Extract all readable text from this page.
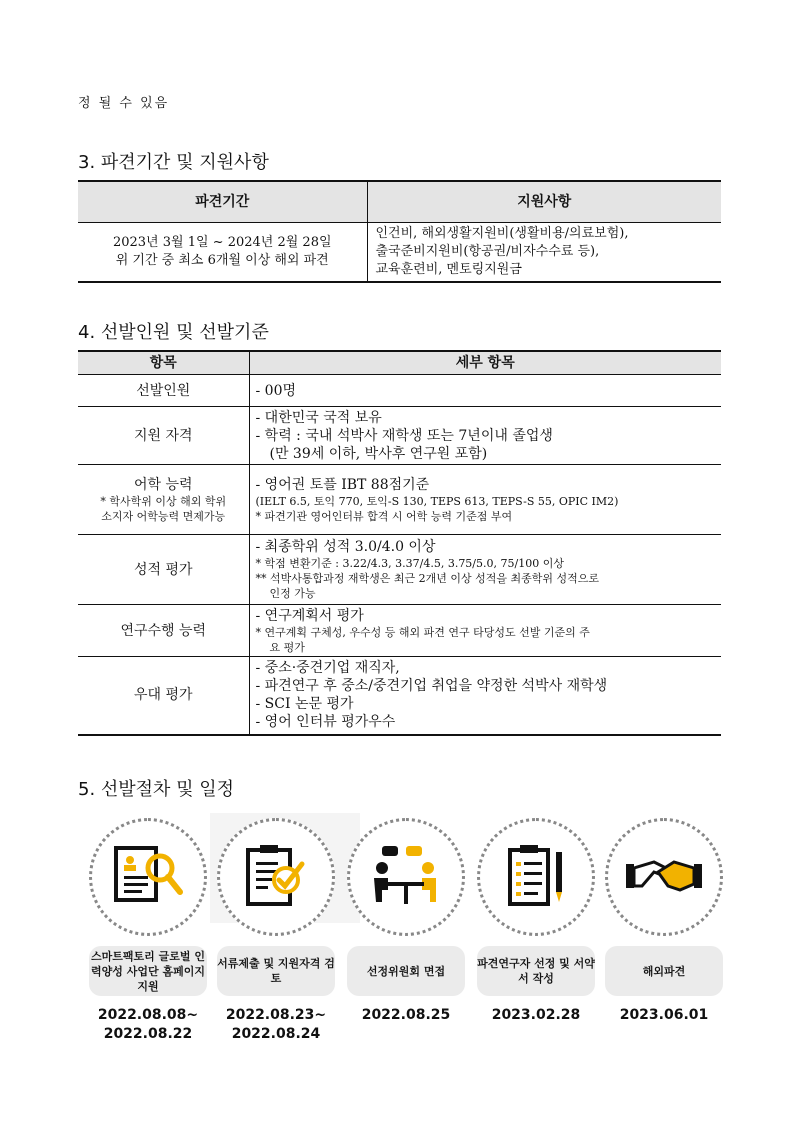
정 될 수 있음
3. 파견기간 및 지원사항
파견기간	지원사항

2023년 3월 1일 ~ 2024년 2월 28일
위 기간 중 최소 6개월 이상 해외 파견	인건비, 해외생활지원비(생활비용/의료보험),
출국준비지원비(항공권/비자수수료 등),
교육훈련비, 멘토링지원금
4. 선발인원 및 선발기준
항목	세부 항목
선발인원	- 00명

지원 자격	- 대한민국 국적 보유
- 학력 : 국내 석박사 재학생 또는 7년이내 졸업생
(만 39세 이하, 박사후 연구원 포함)

어학 능력
* 학사학위 이상 해외 학위소지자 어학능력 면제가능	- 영어권 토플 IBT 88점기준
(IELT 6.5, 토익 770, 토익-S 130, TEPS 613, TEPS-S 55, OPIC IM2)
* 파견기관 영어인터뷰 합격 시 어학 능력 기준점 부여

성적 평가	- 최종학위 성적 3.0/4.0 이상
* 학점 변환기준 : 3.22/4.3, 3.37/4.5, 3.75/5.0, 75/100 이상
** 석박사통합과정 재학생은 최근 2개년 이상 성적을 최종학위 성적으로
인정 가능

연구수행 능력	- 연구계획서 평가
* 연구계획 구체성, 우수성 등 해외 파견 연구 타당성도 선발 기준의 주
요 평가

우대 평가	- 중소·중견기업 재직자,
- 파견연구 후 중소/중견기업 취업을 약정한 석박사 재학생
- SCI 논문 평가
- 영어 인터뷰 평가우수
5. 선발절차 및 일정
스마트팩토리 글로벌 인력양성 사업단 홈페이지 지원
2022.08.08~
2022.08.22
서류제출 및 지원자격 검토
2022.08.23~
2022.08.24
선정위원회 면접
2022.08.25
파견연구자 선정 및 서약서 작성
2023.02.28
해외파견
2023.06.01
